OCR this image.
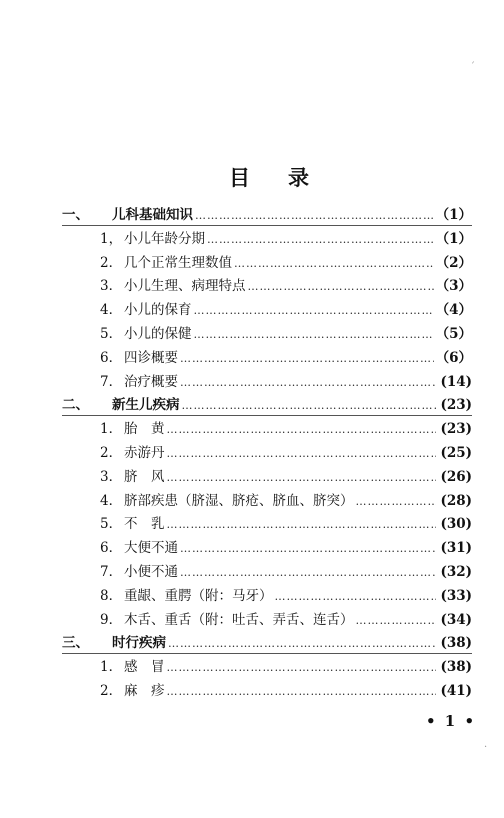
目 录
一、	儿科基础知识 ……………………………………………………………………………………………………………………………………	（1）
1， 小儿年龄分期 ……………………………………………………………………………………………………………………………………	（1）
2． 几个正常生理数值 ……………………………………………………………………………………………………………………………………	（2）
3． 小儿生理、病理特点 ……………………………………………………………………………………………………………………………………	（3）
4． 小儿的保育 ……………………………………………………………………………………………………………………………………	（4）
5． 小儿的保健 ……………………………………………………………………………………………………………………………………	（5）
6． 四诊概要 ……………………………………………………………………………………………………………………………………	（6）
7． 治疗概要 ……………………………………………………………………………………………………………………………………	(14)
二、	新生儿疾病 ……………………………………………………………………………………………………………………………………	(23)
1． 胎　黄 ……………………………………………………………………………………………………………………………………	(23)
2． 赤游丹 ……………………………………………………………………………………………………………………………………	(25)
3． 脐　风 ……………………………………………………………………………………………………………………………………	(26)
4． 脐部疾患（脐湿、脐疮、脐血、脐突） ……………………………………………………………………………………………………………………………………	(28)
5． 不　乳 ……………………………………………………………………………………………………………………………………	(30)
6． 大便不通 ……………………………………………………………………………………………………………………………………	(31)
7． 小便不通 ……………………………………………………………………………………………………………………………………	(32)
8． 重龈、重腭（附：马牙） ……………………………………………………………………………………………………………………………………	(33)
9． 木舌、重舌（附：吐舌、弄舌、连舌） ……………………………………………………………………………………………………………………………………	(34)
三、	时行疾病 ……………………………………………………………………………………………………………………………………	(38)
1． 感　冒 ……………………………………………………………………………………………………………………………………	(38)
2． 麻　疹 ……………………………………………………………………………………………………………………………………	(41)
• 1 •
ˊ
·
